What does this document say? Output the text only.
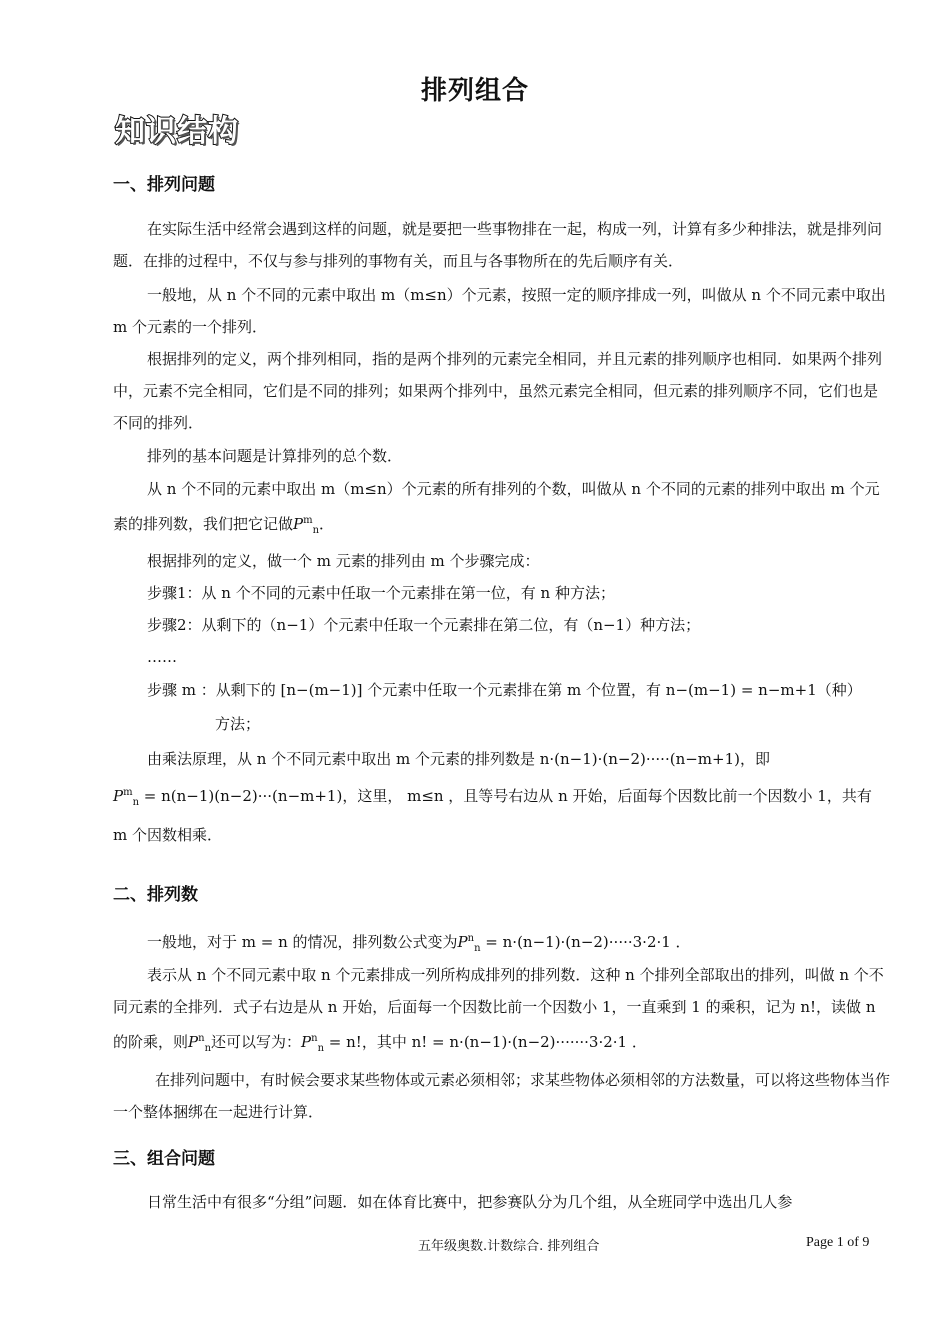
排列组合
知识结构
一、排列问题

在实际生活中经常会遇到这样的问题，就是要把一些事物排在一起，构成一列，计算有多少种排法，就是排列问题．在排的过程中，不仅与参与排列的事物有关，而且与各事物所在的先后顺序有关．

一般地，从 n 个不同的元素中取出 m（m≤n）个元素，按照一定的顺序排成一列，叫做从 n 个不同元素中取出 m 个元素的一个排列．

根据排列的定义，两个排列相同，指的是两个排列的元素完全相同，并且元素的排列顺序也相同．如果两个排列中，元素不完全相同，它们是不同的排列；如果两个排列中，虽然元素完全相同，但元素的排列顺序不同，它们也是不同的排列．

排列的基本问题是计算排列的总个数．

从 n 个不同的元素中取出 m（m≤n）个元素的所有排列的个数，叫做从 n 个不同的元素的排列中取出 m 个元素的排列数，我们把它记做$P^m_n$．

根据排列的定义，做一个 m 元素的排列由 m 个步骤完成：

步骤1：从 n 个不同的元素中任取一个元素排在第一位，有 n 种方法；
步骤2：从剩下的（n−1）个元素中任取一个元素排在第二位，有（n−1）种方法；
……
步骤 m ：从剩下的 [n−(m−1)] 个元素中任取一个元素排在第 m 个位置，有 n−(m−1) = n−m+1（种）
方法；

由乘法原理，从 n 个不同元素中取出 m 个元素的排列数是 n·(n−1)·(n−2)·····(n−m+1)，即

$P^m_n = n(n-1)(n-2)\cdot\cdot\cdot(n-m+1)$，这里， m≤n ，且等号右边从 n 开始，后面每个因数比前一个因数小 1，共有 m 个因数相乘．

二、排列数

一般地，对于 m = n 的情况，排列数公式变为$P^n_n = n\cdot(n-1)\cdot(n-2)\cdot\cdot\cdot\cdot\cdot 3\cdot 2\cdot 1$ ．

表示从 n 个不同元素中取 n 个元素排成一列所构成排列的排列数．这种 n 个排列全部取出的排列，叫做 n 个不同元素的全排列．式子右边是从 n 开始，后面每一个因数比前一个因数小 1，一直乘到 1 的乘积，记为 n!，读做 n 的阶乘，则$P^n_n$还可以写为：$P^n_n = n$!，其中 n! = n·(n−1)·(n−2)·······3·2·1 ．

在排列问题中，有时候会要求某些物体或元素必须相邻；求某些物体必须相邻的方法数量，可以将这些物体当作一个整体捆绑在一起进行计算．

三、组合问题

日常生活中有很多“分组”问题．如在体育比赛中，把参赛队分为几个组，从全班同学中选出几人参

五年级奥数.计数综合. 排列组合	Page 1 of 9
